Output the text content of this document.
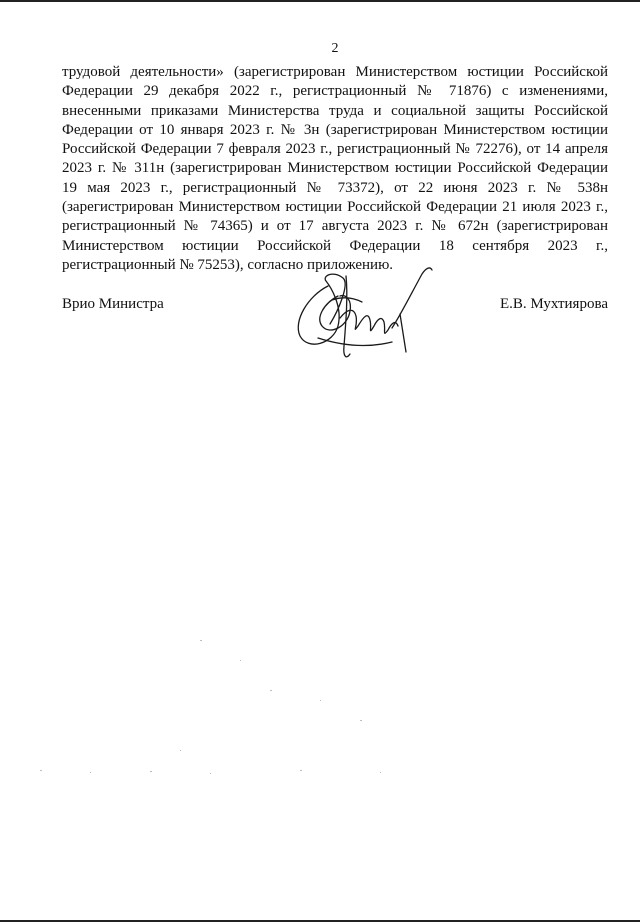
2
трудовой деятельности» (зарегистрирован Министерством юстиции Российской
Федерации 29 декабря 2022 г., регистрационный № 71876) с изменениями,
внесенными приказами Министерства труда и социальной защиты Российской
Федерации от 10 января 2023 г. № 3н (зарегистрирован Министерством юстиции
Российской Федерации 7 февраля 2023 г., регистрационный № 72276), от 14 апреля
2023 г. № 311н (зарегистрирован Министерством юстиции Российской Федерации
19 мая 2023 г., регистрационный № 73372), от 22 июня 2023 г. № 538н
(зарегистрирован Министерством юстиции Российской Федерации 21 июля 2023 г.,
регистрационный № 74365) и от 17 августа 2023 г. № 672н (зарегистрирован
Министерством юстиции Российской Федерации 18 сентября 2023 г.,
регистрационный № 75253), согласно приложению.
Врио Министра	Е.В. Мухтиярова
